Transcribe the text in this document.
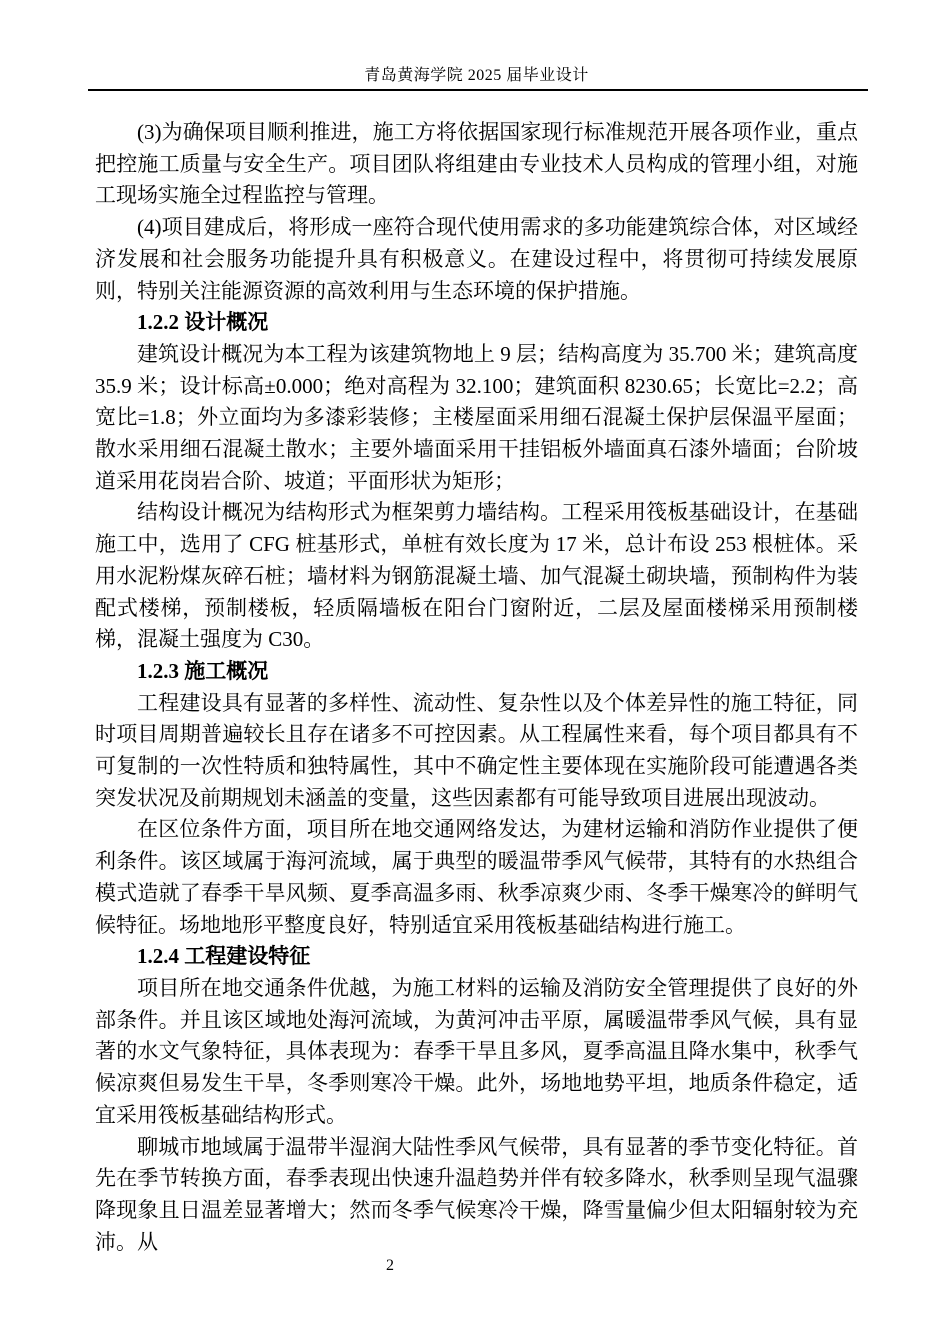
青岛黄海学院 2025 届毕业设计

(3)为确保项目顺利推进，施工方将依据国家现行标准规范开展各项作业，重点把控施工质量与安全生产。项目团队将组建由专业技术人员构成的管理小组，对施工现场实施全过程监控与管理。

(4)项目建成后，将形成一座符合现代使用需求的多功能建筑综合体，对区域经济发展和社会服务功能提升具有积极意义。在建设过程中，将贯彻可持续发展原则，特别关注能源资源的高效利用与生态环境的保护措施。

1.2.2 设计概况

建筑设计概况为本工程为该建筑物地上 9 层；结构高度为 35.700 米；建筑高度 35.9 米；设计标高±0.000；绝对高程为 32.100；建筑面积 8230.65；长宽比=2.2；高宽比=1.8；外立面均为多漆彩装修；主楼屋面采用细石混凝土保护层保温平屋面；散水采用细石混凝土散水；主要外墙面采用干挂铝板外墙面真石漆外墙面；台阶坡道采用花岗岩合阶、坡道；平面形状为矩形；

结构设计概况为结构形式为框架剪力墙结构。工程采用筏板基础设计，在基础施工中，选用了 CFG 桩基形式，单桩有效长度为 17 米，总计布设 253 根桩体。采用水泥粉煤灰碎石桩；墙材料为钢筋混凝土墙、加气混凝土砌块墙，预制构件为装配式楼梯，预制楼板，轻质隔墙板在阳台门窗附近，二层及屋面楼梯采用预制楼梯，混凝土强度为 C30。

1.2.3 施工概况

工程建设具有显著的多样性、流动性、复杂性以及个体差异性的施工特征，同时项目周期普遍较长且存在诸多不可控因素。从工程属性来看，每个项目都具有不可复制的一次性特质和独特属性，其中不确定性主要体现在实施阶段可能遭遇各类突发状况及前期规划未涵盖的变量，这些因素都有可能导致项目进展出现波动。

在区位条件方面，项目所在地交通网络发达，为建材运输和消防作业提供了便利条件。该区域属于海河流域，属于典型的暖温带季风气候带，其特有的水热组合模式造就了春季干旱风频、夏季高温多雨、秋季凉爽少雨、冬季干燥寒冷的鲜明气候特征。场地地形平整度良好，特别适宜采用筏板基础结构进行施工。

1.2.4 工程建设特征

项目所在地交通条件优越，为施工材料的运输及消防安全管理提供了良好的外部条件。并且该区域地处海河流域，为黄河冲击平原，属暖温带季风气候，具有显著的水文气象特征，具体表现为：春季干旱且多风，夏季高温且降水集中，秋季气候凉爽但易发生干旱，冬季则寒冷干燥。此外，场地地势平坦，地质条件稳定，适宜采用筏板基础结构形式。

聊城市地域属于温带半湿润大陆性季风气候带，具有显著的季节变化特征。首先在季节转换方面，春季表现出快速升温趋势并伴有较多降水，秋季则呈现气温骤降现象且日温差显著增大；然而冬季气候寒冷干燥，降雪量偏少但太阳辐射较为充沛。从

2
